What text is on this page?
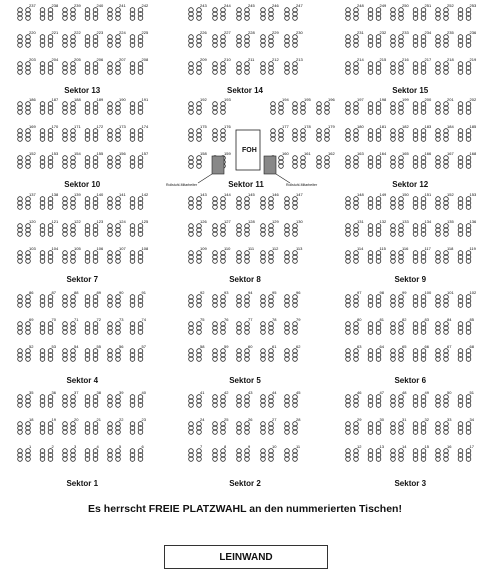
237	238	239	240	241	242
220	221	222	223	224	225
203	204	205	206	207	208
243	244	245	246	247
226	227	228	229	230
209	210	211	212	213
248	249	250	251	252	253
231	232	233	234	235	236
214	215	216	217	218	219
186	187	188	189	190	191
169	170	171	172	173	174
152	153	154	155	156	157
192	193	194	195	196
175	176	177	178	179
158	159	160	161	162
197	198	199	200	201	202
180	181	182	183	184	185
163	164	165	166	167	168
137	138	139	140	141	142
120	121	122	123	124	125
103	104	105	106	107	108
143	144	145	146	147
126	127	128	129	130
109	110	111	112	113
148	149	150	151	152	153
131	132	133	134	135	136
114	115	116	117	118	119
86	87	88	89	90	91
69	70	71	72	73	74
52	53	54	55	56	57
92	93	94	95	96
75	76	77	78	79
58	59	60	61	62
97	98	99	100	101	102
80	81	82	83	84	85
63	64	65	66	67	68
35	36	37	38	39	40
18	19	20	21	22	23
1	2	3	4	5	6
41	42	43	44	45
24	25	26	27	28
7	8	9	10	11
46	47	48	49	50	51
29	30	31	32	33	34
12	13	14	15	16	17
Sektor 13	Sektor 14	Sektor 15
Sektor 10	Sektor 11	Sektor 12
Sektor 7	Sektor 8	Sektor 9
Sektor 4	Sektor 5	Sektor 6
Sektor 1	Sektor 2	Sektor 3
FOH
Rollstuhl-Mitarbeiter	Rollstuhl-Mitarbeiter
Es herrscht FREIE PLATZWAHL an den nummerierten Tischen!
LEINWAND
